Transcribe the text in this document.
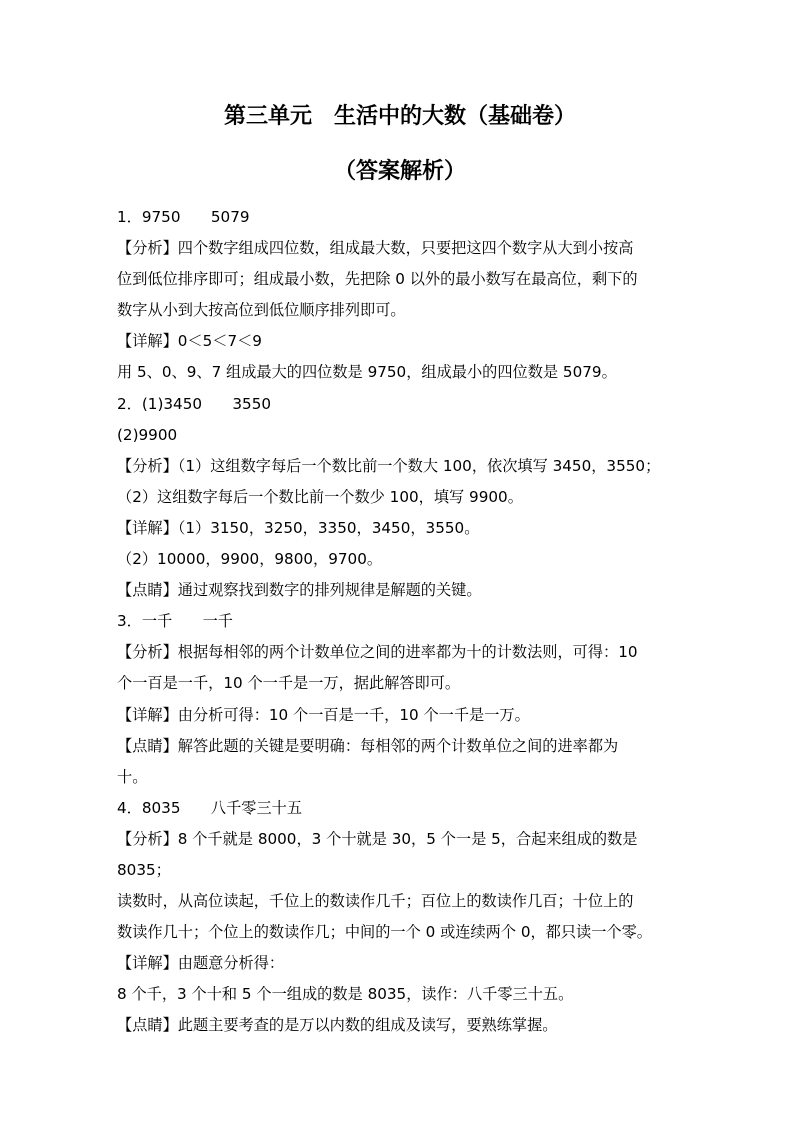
第三单元　生活中的大数（基础卷）
（答案解析）
1．9750　　5079
【分析】四个数字组成四位数，组成最大数，只要把这四个数字从大到小按高
位到低位排序即可；组成最小数，先把除 0 以外的最小数写在最高位，剩下的
数字从小到大按高位到低位顺序排列即可。
【详解】0＜5＜7＜9
用 5、0、9、7 组成最大的四位数是 9750，组成最小的四位数是 5079。
2．(1)3450　　3550
(2)9900
【分析】（1）这组数字每后一个数比前一个数大 100，依次填写 3450，3550；
（2）这组数字每后一个数比前一个数少 100，填写 9900。
【详解】（1）3150，3250，3350，3450，3550。
（2）10000，9900，9800，9700。
【点睛】通过观察找到数字的排列规律是解题的关键。
3．一千　　一千
【分析】根据每相邻的两个计数单位之间的进率都为十的计数法则，可得：10
个一百是一千，10 个一千是一万，据此解答即可。
【详解】由分析可得：10 个一百是一千，10 个一千是一万。
【点睛】解答此题的关键是要明确：每相邻的两个计数单位之间的进率都为
十。
4．8035　　八千零三十五
【分析】8 个千就是 8000，3 个十就是 30，5 个一是 5，合起来组成的数是
8035；
读数时，从高位读起，千位上的数读作几千；百位上的数读作几百；十位上的
数读作几十；个位上的数读作几；中间的一个 0 或连续两个 0，都只读一个零。
【详解】由题意分析得：
8 个千，3 个十和 5 个一组成的数是 8035，读作：八千零三十五。
【点睛】此题主要考查的是万以内数的组成及读写，要熟练掌握。
